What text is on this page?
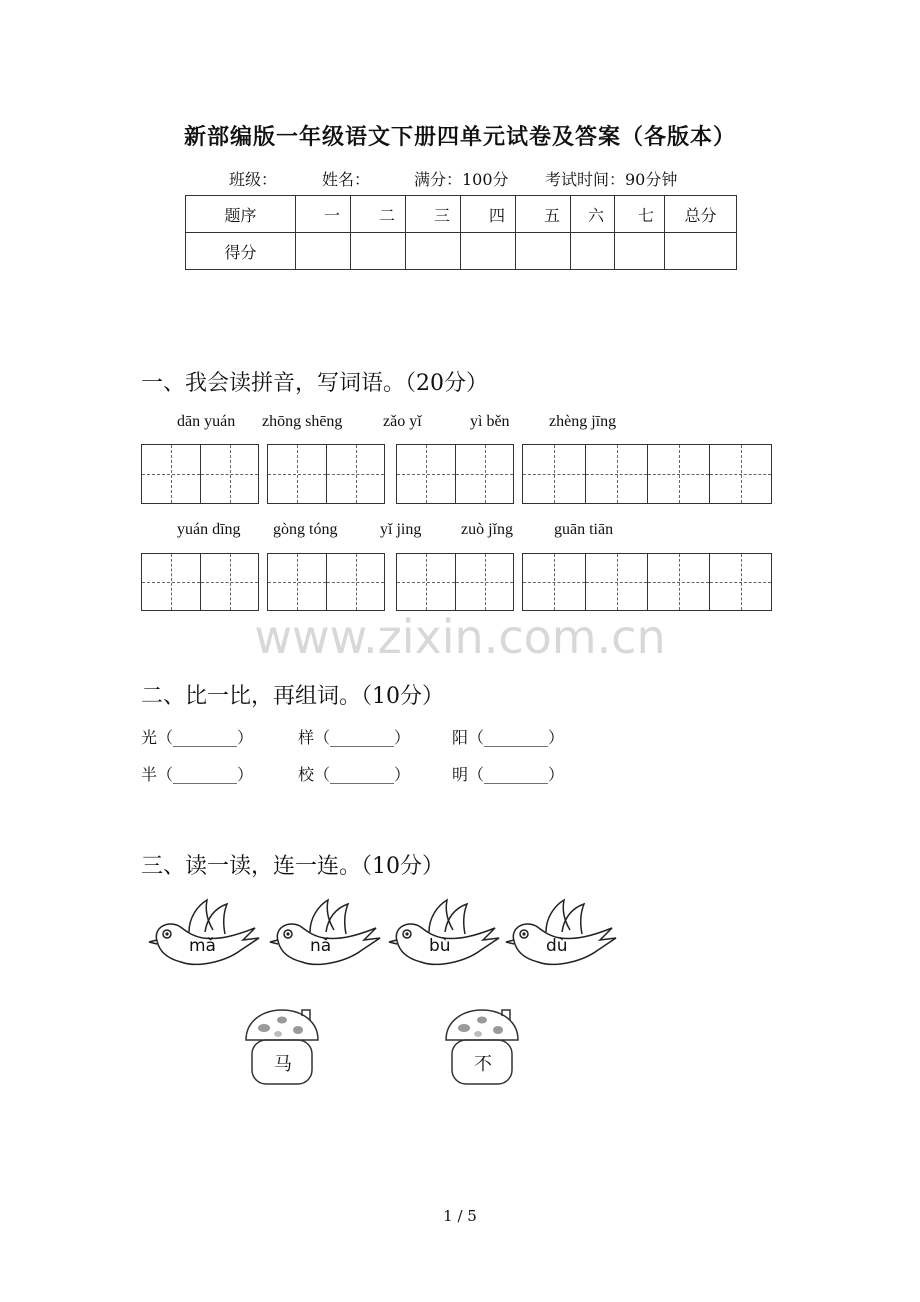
新部编版一年级语文下册四单元试卷及答案（各版本）
班级：	姓名：	满分：100分 考试时间：90分钟
题序	一	二	三	四	五	六	七	总分
得分								
一、我会读拼音，写词语。（20分）
dān yuán zhōng shēng	zǎo yǐ	yì běn zhèng jīng
yuán dīng gòng tóng	yǐ jing zuò jǐng	guān tiān
www.zixin.com.cn
二、比一比，再组词。（10分）
光（________）	样（________）	阳（________）
半（________）	校（________）	明（________）
三、读一读，连一连。（10分）
mǎ	nǎ	bù	dù
马	不
1 / 5
